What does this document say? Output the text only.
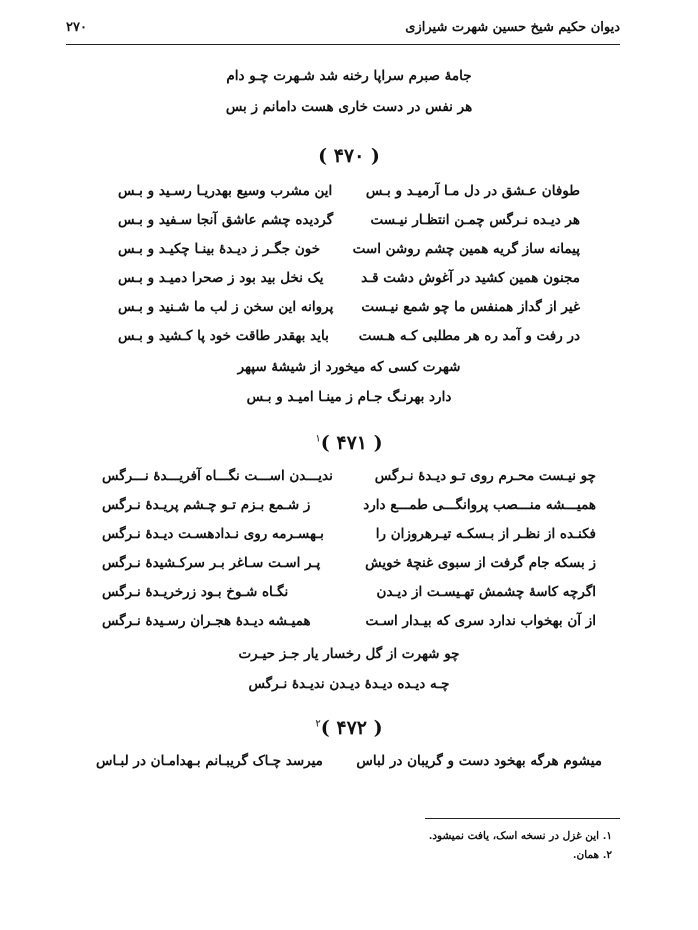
دیوان حکیم شیخ حسین شهرت شیرازی
۲۷۰
جامهٔ صبرم سراپا رخنه شد شـهرت چـو دام
هر نفس در دست خاری هست دامانم ز بس
( ۴۷۰ )
طوفان عـشق در دل مـا آرمیـد و بـس
این مشرب وسیع بهدریـا رسـید و بـس
هر دیـده نـرگس چمـن انتظـار نیـست
گردیده چشم عاشق آنجا سـفید و بـس
پیمانه ساز گریه همین چشم روشن است
خون جگـر ز دیـدهٔ بینـا چکیـد و بـس
مجنون همین کشید در آغوش دشت قـد
یک نخل بید بود ز صحرا دمیـد و بـس
غیر از گداز همنفس ما چو شمع نیـست
پروانه این سخن ز لب ما شـنید و بـس
در رفت و آمد ره هر مطلبی کـه هـست
باید بهقدر طاقت خود پا کـشید و بـس
شهرت کسی که میخورد از شیشهٔ سپهر
دارد بهرنـگ جـام ز مینـا امیـد و بـس
( ۴۷۱ )$^۱$
چو نیـست محـرم روی تـو دیـدهٔ نـرگس
ندیـــدن اســـت نگـــاه آفریـــدهٔ نـــرگس
همیـــشه منـــصب پروانگـــی طمـــع دارد
ز شـمع بـزم تـو چـشم پریـدهٔ نـرگس
فکنـده از نظـر از بـسکـه تیـرهروزان را
بـهسـرمه روی نـدادهسـت دیـدهٔ نـرگس
ز بسکه جام گرفت از سبوی غنچهٔ خویش
پـر اسـت سـاغر بـر سرکـشیدهٔ نـرگس
اگرچه کاسهٔ چشمش تهـیسـت از دیـدن
نگـاه شـوخ بـود زرخریـدهٔ نـرگس
از آن بهخواب ندارد سری که بیـدار اسـت
همیـشه دیـدهٔ هجـران رسـیدهٔ نـرگس
چو شهرت از گل رخسار یار جـز حیـرت
چـه دیـده دیـدهٔ دیـدن ندیـدهٔ نـرگس
( ۴۷۲ )$^۲$
میشوم هرگه بهخود دست و گریبان در لباس
میرسد چـاک گریبـانم بـهدامـان در لبـاس
۱. این غزل در نسخه اسک، یافت نمیشود.
۲. همان.
